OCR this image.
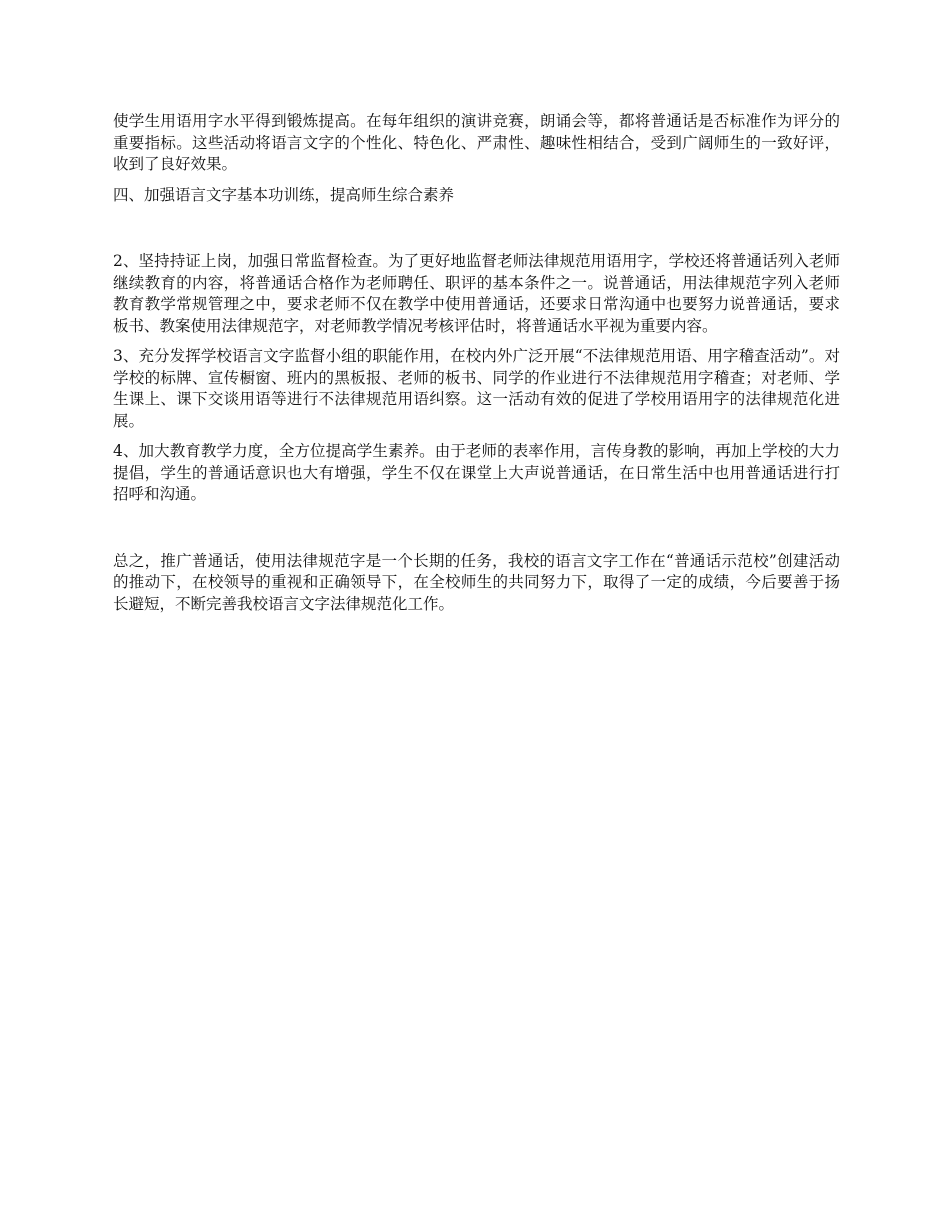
使学生用语用字水平得到锻炼提高。在每年组织的演讲竞赛，朗诵会等，都将普通话是否标准作为评分的重要指标。这些活动将语言文字的个性化、特色化、严肃性、趣味性相结合，受到广阔师生的一致好评，收到了良好效果。

四、加强语言文字基本功训练，提高师生综合素养

2、坚持持证上岗，加强日常监督检查。为了更好地监督老师法律规范用语用字，学校还将普通话列入老师继续教育的内容，将普通话合格作为老师聘任、职评的基本条件之一。说普通话，用法律规范字列入老师教育教学常规管理之中，要求老师不仅在教学中使用普通话，还要求日常沟通中也要努力说普通话，要求板书、教案使用法律规范字，对老师教学情况考核评估时，将普通话水平视为重要内容。

3、充分发挥学校语言文字监督小组的职能作用，在校内外广泛开展“不法律规范用语、用字稽查活动”。对学校的标牌、宣传橱窗、班内的黑板报、老师的板书、同学的作业进行不法律规范用字稽查；对老师、学生课上、课下交谈用语等进行不法律规范用语纠察。这一活动有效的促进了学校用语用字的法律规范化进展。

4、加大教育教学力度，全方位提高学生素养。由于老师的表率作用，言传身教的影响，再加上学校的大力提倡，学生的普通话意识也大有增强，学生不仅在课堂上大声说普通话，在日常生活中也用普通话进行打招呼和沟通。

总之，推广普通话，使用法律规范字是一个长期的任务，我校的语言文字工作在“普通话示范校”创建活动的推动下，在校领导的重视和正确领导下，在全校师生的共同努力下，取得了一定的成绩，今后要善于扬长避短，不断完善我校语言文字法律规范化工作。
